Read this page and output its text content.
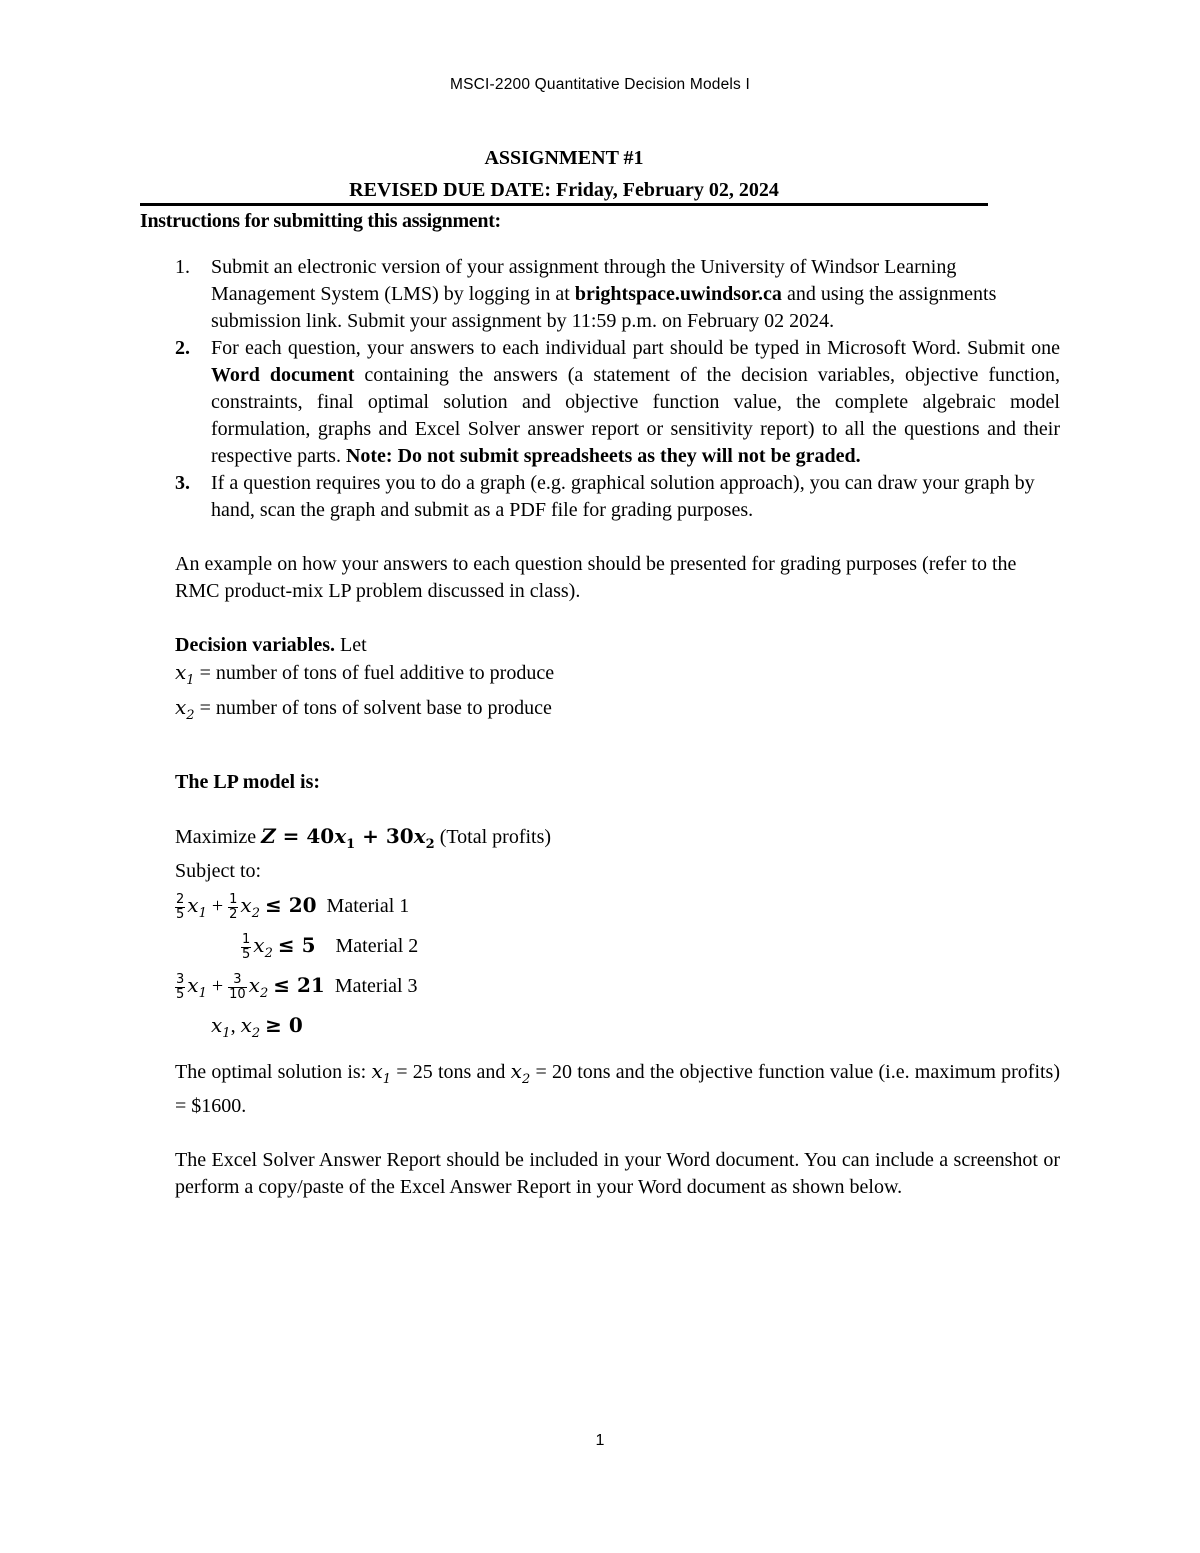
MSCI-2200 Quantitative Decision Models I
ASSIGNMENT #1
REVISED DUE DATE: Friday, February 02, 2024
Instructions for submitting this assignment:
1. Submit an electronic version of your assignment through the University of Windsor Learning Management System (LMS) by logging in at brightspace.uwindsor.ca and using the assignments submission link. Submit your assignment by 11:59 p.m. on February 02 2024.
2. For each question, your answers to each individual part should be typed in Microsoft Word. Submit one Word document containing the answers (a statement of the decision variables, objective function, constraints, final optimal solution and objective function value, the complete algebraic model formulation, graphs and Excel Solver answer report or sensitivity report) to all the questions and their respective parts. Note: Do not submit spreadsheets as they will not be graded.
3. If a question requires you to do a graph (e.g. graphical solution approach), you can draw your graph by hand, scan the graph and submit as a PDF file for grading purposes.
An example on how your answers to each question should be presented for grading purposes (refer to the RMC product-mix LP problem discussed in class).
Decision variables. Let
$x_1$ = number of tons of fuel additive to produce
$x_2$ = number of tons of solvent base to produce
The LP model is:
Maximize $Z = 40x_1 + 30x_2$ (Total profits)
Subject to:
$\frac{2}{5} x_1 + \frac{1}{2} x_2 \le 20$ Material 1
$\frac{1}{5} x_2 \le 5$ Material 2
$\frac{3}{5} x_1 + \frac{3}{10} x_2 \le 21$ Material 3
$x_1$, $x_2 \ge 0$
The optimal solution is: $x_1 = 25$ tons and $x_2 = 20$ tons and the objective function value (i.e. maximum profits) = $1600.
The Excel Solver Answer Report should be included in your Word document. You can include a screenshot or perform a copy/paste of the Excel Answer Report in your Word document as shown below.
1
